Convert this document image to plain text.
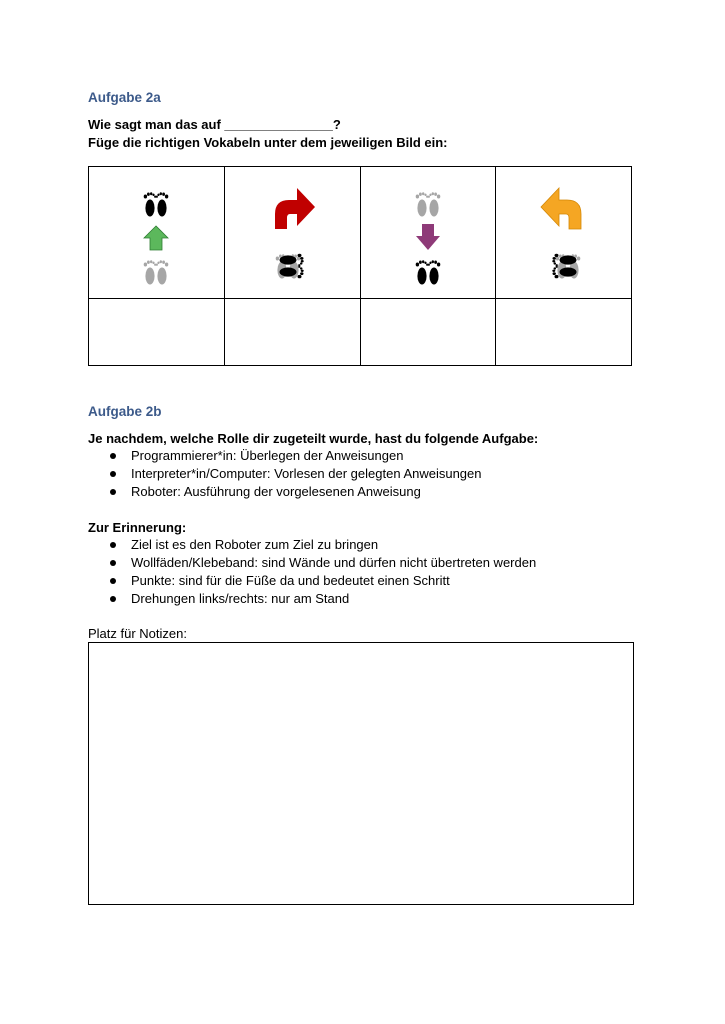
Aufgabe 2a
Wie sagt man das auf _______________?
Füge die richtigen Vokabeln unter dem jeweiligen Bild ein:

Aufgabe 2b
Je nachdem, welche Rolle dir zugeteilt wurde, hast du folgende Aufgabe:
Programmierer*in: Überlegen der Anweisungen
Interpreter*in/Computer: Vorlesen der gelegten Anweisungen
Roboter: Ausführung der vorgelesenen Anweisung
Zur Erinnerung:
Ziel ist es den Roboter zum Ziel zu bringen
Wollfäden/Klebeband: sind Wände und dürfen nicht übertreten werden
Punkte: sind für die Füße da und bedeutet einen Schritt
Drehungen links/rechts: nur am Stand
Platz für Notizen:
